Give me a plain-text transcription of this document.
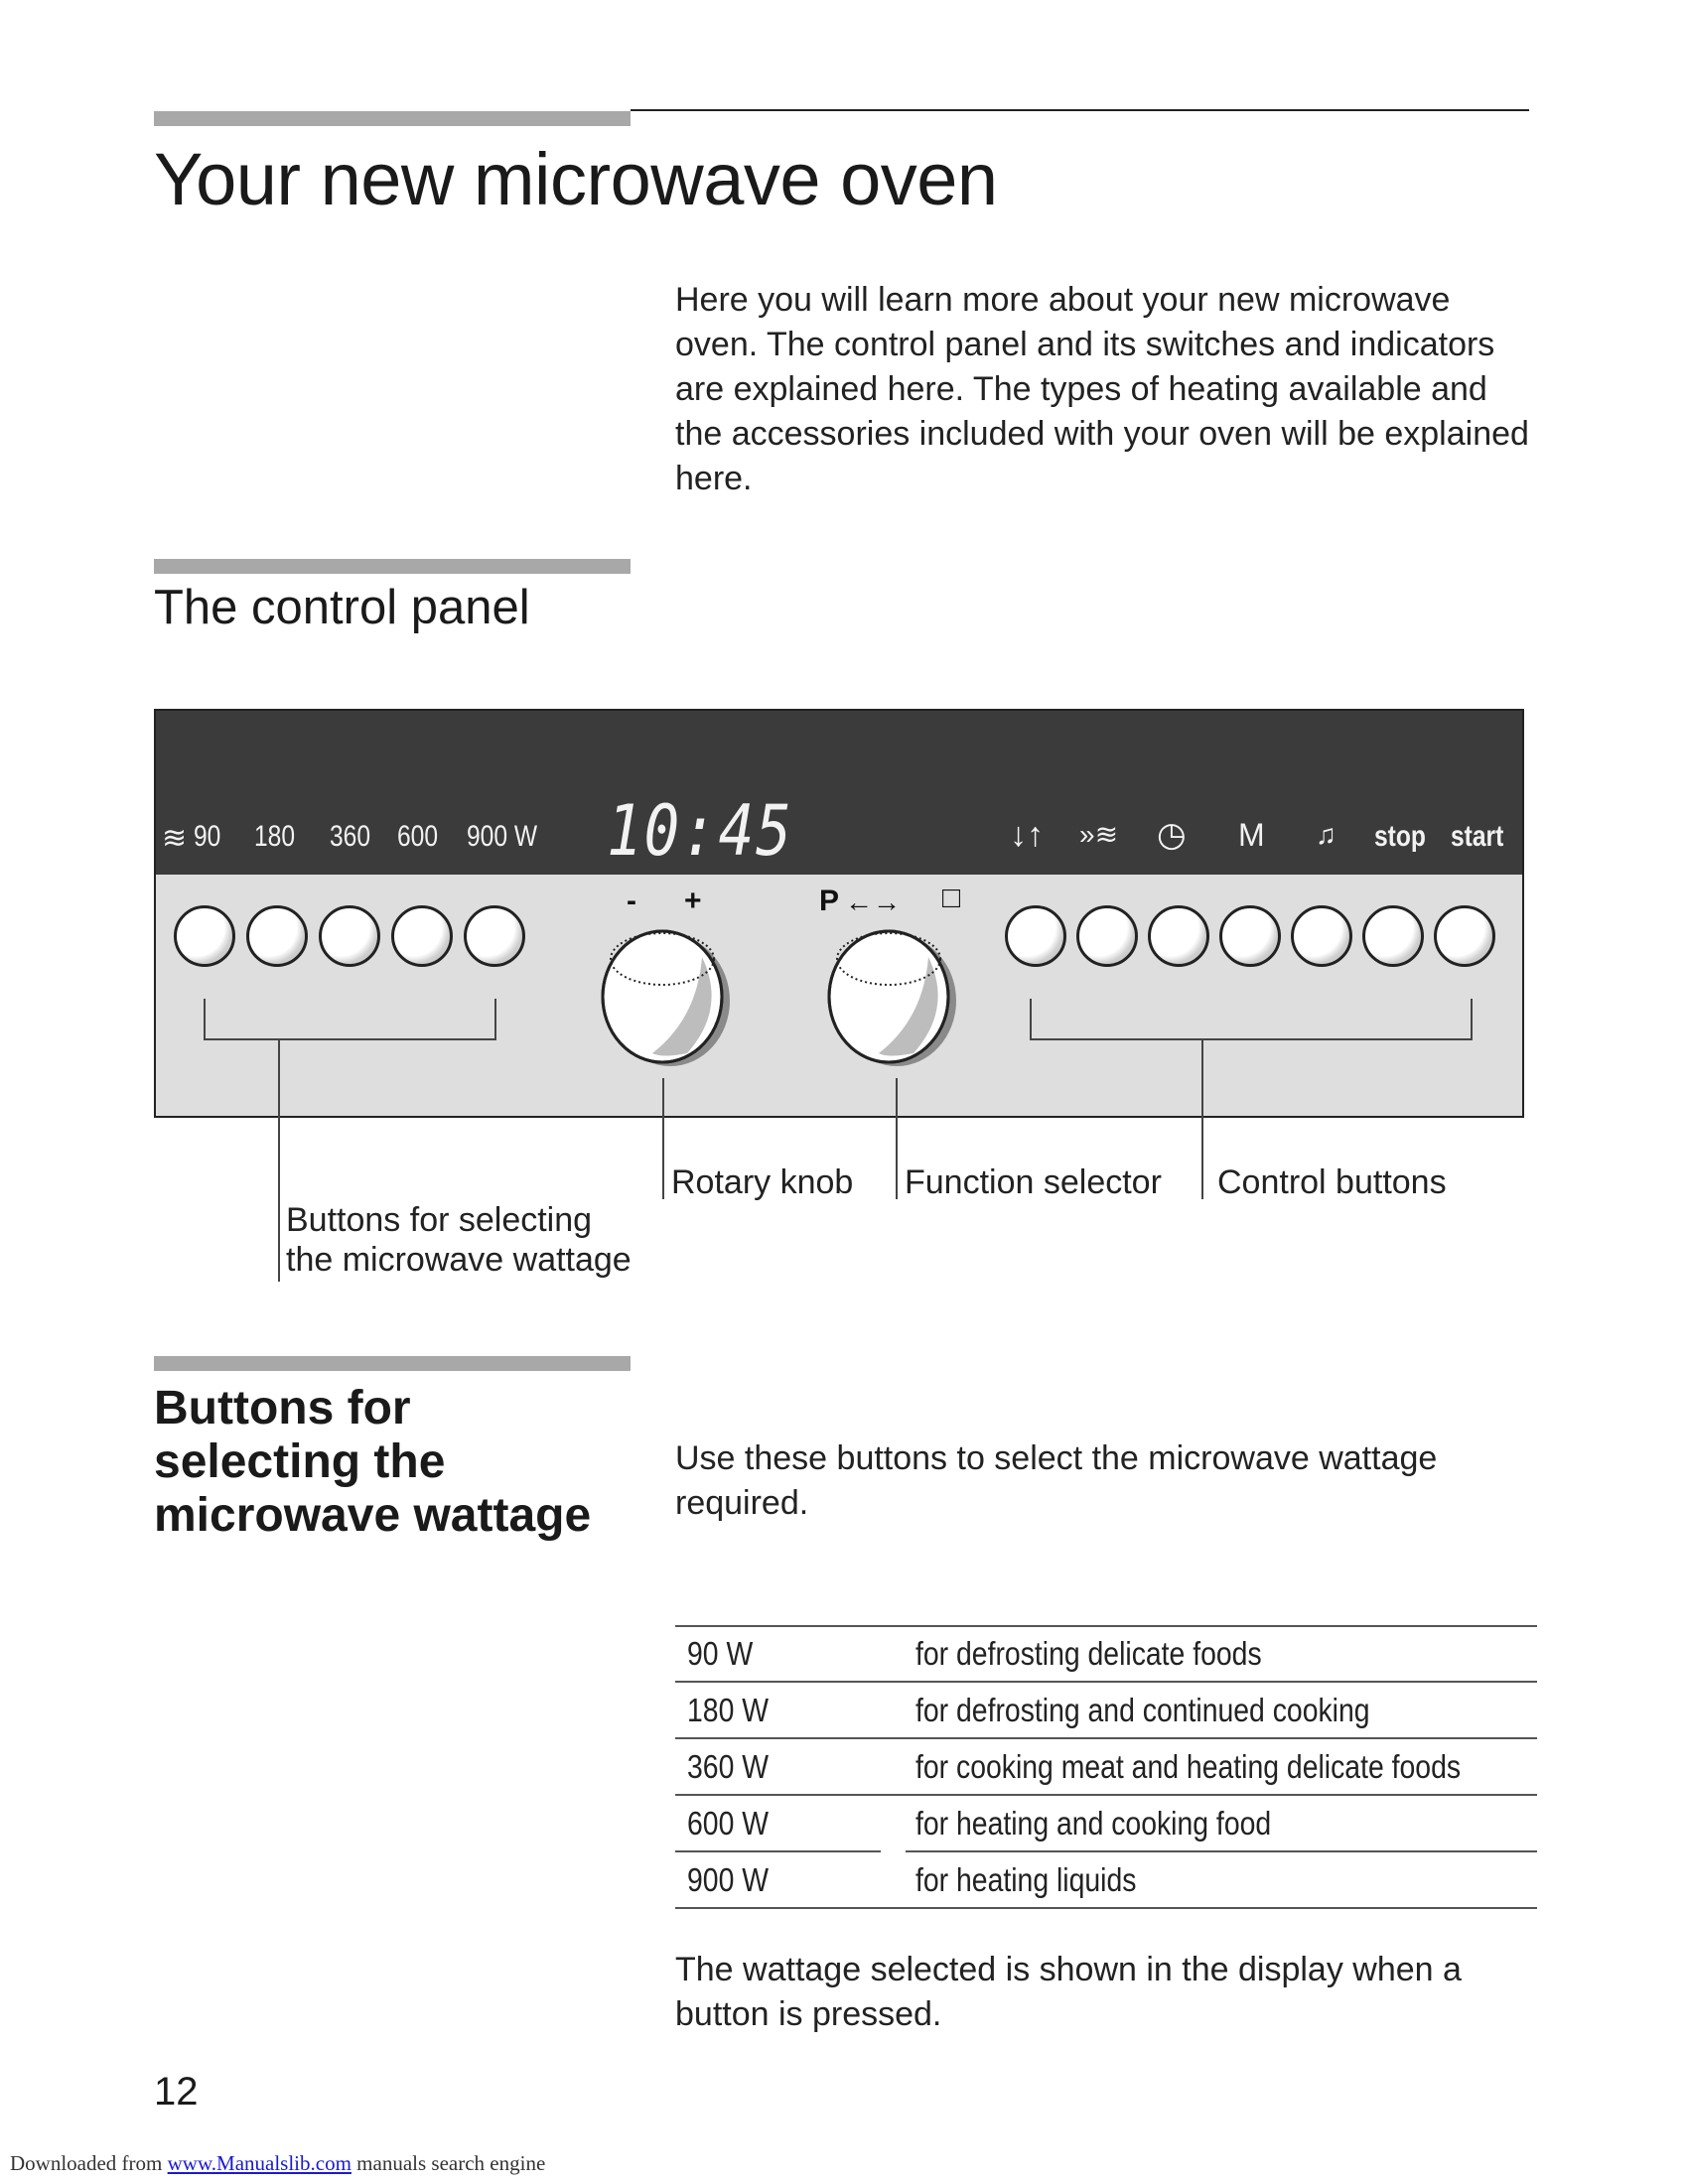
Your new microwave oven

Here you will learn more about your new microwave oven. The control panel and its switches and indicators are explained here. The types of heating available and the accessories included with your oven will be explained here.

The control panel
≋ 90 180 360 600 900 W 10:45	↓↑ »≋ ◷ M ♫ stop start
- +	P ←→ □
Buttons for selecting
the microwave wattage
Rotary knob Function selector Control buttons
Buttons for
selecting the
microwave wattage

Use these buttons to select the microwave wattage required.

90 W	for defrosting delicate foods
180 W	for defrosting and continued cooking
360 W	for cooking meat and heating delicate foods
600 W	for heating and cooking food
900 W	for heating liquids

The wattage selected is shown in the display when a button is pressed.

12
Downloaded from www.Manualslib.com manuals search engine
